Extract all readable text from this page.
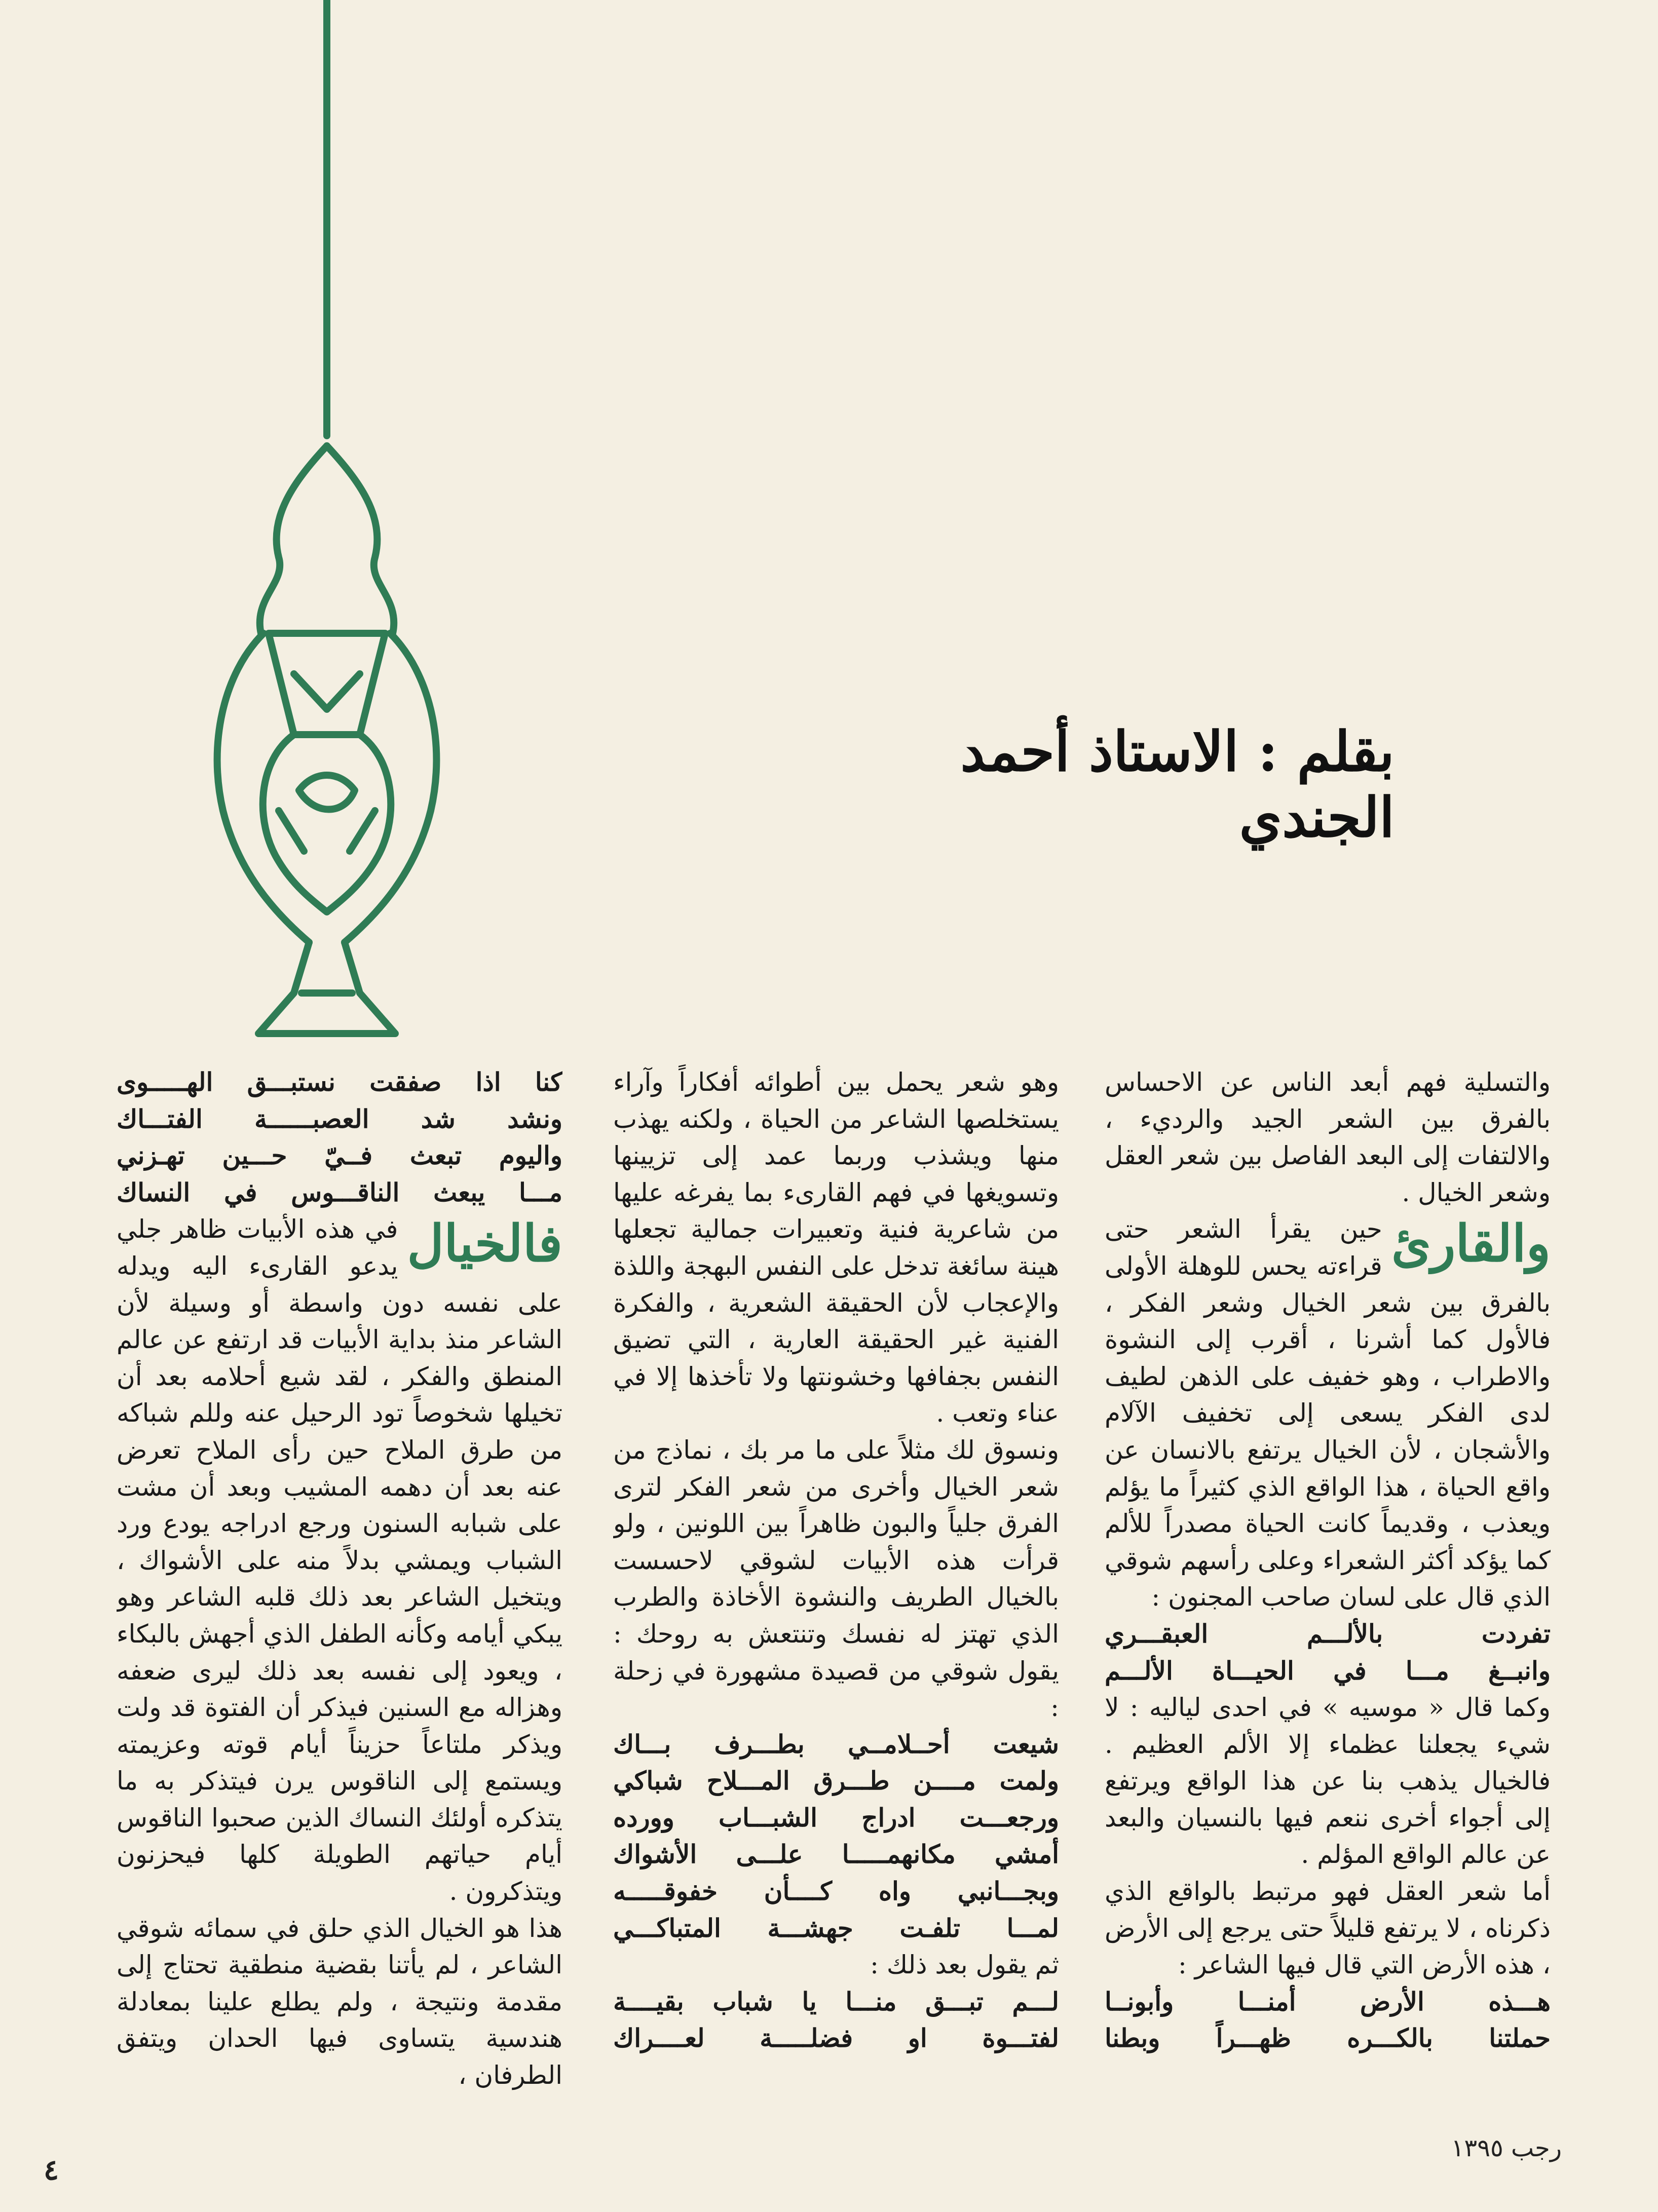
بقلم : الاستاذ أحمد الجندي

والتسلية فهم أبعد الناس عن الاحساس بالفرق بين الشعر الجيد والرديء ، والالتفات إلى البعد الفاصل بين شعر العقل وشعر الخيال .

والقارئ
حين يقرأ الشعر حتى قراءته يحس للوهلة الأولى بالفرق بين شعر الخيال وشعر الفكر ، فالأول كما أشرنا ، أقرب إلى النشوة والاطراب ، وهو خفيف على الذهن لطيف لدى الفكر يسعى إلى تخفيف الآلام والأشجان ، لأن الخيال يرتفع بالانسان عن واقع الحياة ، هذا الواقع الذي كثيراً ما يؤلم ويعذب ، وقديماً كانت الحياة مصدراً للألم كما يؤكد أكثر الشعراء وعلى رأسهم شوقي الذي قال على لسان صاحب المجنون :

تفردت بالألـــم العبقـــري

وانبــغ مـــا في الحيـــاة الألـــم

وكما قال « موسيه » في احدى لياليه : لا شيء يجعلنا عظماء إلا الألم العظيم . فالخيال يذهب بنا عن هذا الواقع ويرتفع إلى أجواء أخرى ننعم فيها بالنسيان والبعد عن عالم الواقع المؤلم .

أما شعر العقل فهو مرتبط بالواقع الذي ذكرناه ، لا يرتفع قليلاً حتى يرجع إلى الأرض ، هذه الأرض التي قال فيها الشاعر :

هـــذه الأرض أمنـــا وأبونــا

حملتنا بالكـــره ظهـــراً وبطنا

وهو شعر يحمل بين أطوائه أفكاراً وآراء يستخلصها الشاعر من الحياة ، ولكنه يهذب منها ويشذب وربما عمد إلى تزيينها وتسويغها في فهم القارىء بما يفرغه عليها من شاعرية فنية وتعبيرات جمالية تجعلها هينة سائغة تدخل على النفس البهجة واللذة والإعجاب لأن الحقيقة الشعرية ، والفكرة الفنية غير الحقيقة العارية ، التي تضيق النفس بجفافها وخشونتها ولا تأخذها إلا في عناء وتعب .

ونسوق لك مثلاً على ما مر بك ، نماذج من شعر الخيال وأخرى من شعر الفكر لترى الفرق جلياً والبون ظاهراً بين اللونين ، ولو قرأت هذه الأبيات لشوقي لاحسست بالخيال الطريف والنشوة الأخاذة والطرب الذي تهتز له نفسك وتنتعش به روحك : يقول شوقي من قصيدة مشهورة في زحلة :

شيعت أحــلامــي بطـــرف بـــاك

ولمت مــــن طـــرق المـــلاح شباكي

ورجعـــت ادراج الشبـــاب وورده

أمشي مكانهمـــــا علـــى الأشواك

وبجـــانبي واه كــــأن خفوقـــــه

لمـــا تلفـت جهشـــة المتباكـــي

ثم يقول بعد ذلك :

لـــم تبـــق منـــا يا شباب بقيــــة

لفتـــوة او فضلـــــة لعــــراك

كنا اذا صفقت نستبـــق الهـــــوى

ونشد شد العصبــــــة الفتـــاك

واليوم تبعث فــيّ حـــين تهـزني

مـــا يبعث الناقـــوس في النساك

فالخيال
في هذه الأبيات ظاهر جلي يدعو القارىء اليه ويدله على نفسه دون واسطة أو وسيلة لأن الشاعر منذ بداية الأبيات قد ارتفع عن عالم المنطق والفكر ، لقد شيع أحلامه بعد أن تخيلها شخوصاً تود الرحيل عنه وللم شباكه من طرق الملاح حين رأى الملاح تعرض عنه بعد أن دهمه المشيب وبعد أن مشت على شبابه السنون ورجع ادراجه يودع ورد الشباب ويمشي بدلاً منه على الأشواك ، ويتخيل الشاعر بعد ذلك قلبه الشاعر وهو يبكي أيامه وكأنه الطفل الذي أجهش بالبكاء ، ويعود إلى نفسه بعد ذلك ليرى ضعفه وهزاله مع السنين فيذكر أن الفتوة قد ولت ويذكر ملتاعاً حزيناً أيام قوته وعزيمته ويستمع إلى الناقوس يرن فيتذكر به ما يتذكره أولئك النساك الذين صحبوا الناقوس أيام حياتهم الطويلة كلها فيحزنون ويتذكرون .

هذا هو الخيال الذي حلق في سمائه شوقي الشاعر ، لم يأتنا بقضية منطقية تحتاج إلى مقدمة ونتيجة ، ولم يطلع علينا بمعادلة هندسية يتساوى فيها الحدان ويتفق الطرفان ،

رجب ١٣٩٥
٤
